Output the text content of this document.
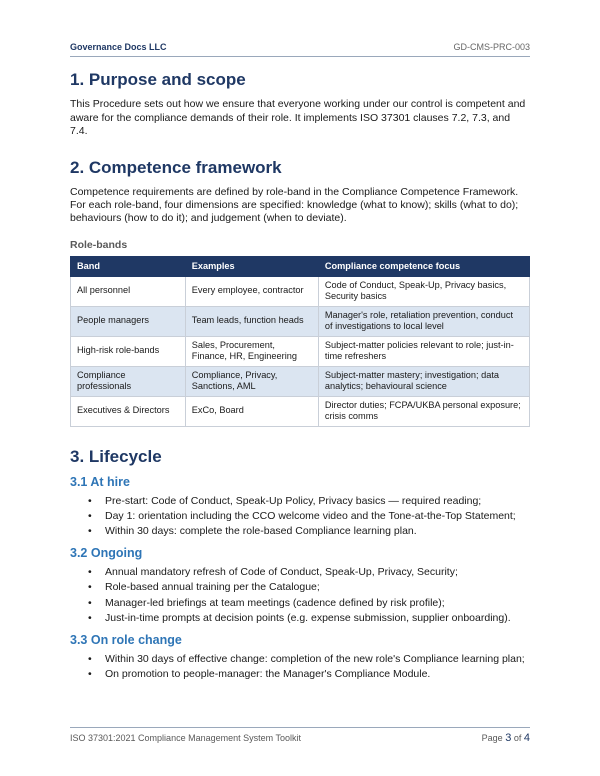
Governance Docs LLC	GD-CMS-PRC-003
1. Purpose and scope

This Procedure sets out how we ensure that everyone working under our control is competent and aware for the compliance demands of their role. It implements ISO 37301 clauses 7.2, 7.3, and 7.4.

2. Competence framework

Competence requirements are defined by role-band in the Compliance Competence Framework. For each role-band, four dimensions are specified: knowledge (what to know); skills (what to do); behaviours (how to do it); and judgement (when to deviate).

Role-bands
Band	Examples	Compliance competence focus
All personnel	Every employee, contractor	Code of Conduct, Speak-Up, Privacy basics, Security basics
People managers	Team leads, function heads	Manager's role, retaliation prevention, conduct of investigations to local level
High-risk role-bands	Sales, Procurement, Finance, HR, Engineering	Subject-matter policies relevant to role; just-in-time refreshers
Compliance professionals	Compliance, Privacy, Sanctions, AML	Subject-matter mastery; investigation; data analytics; behavioural science
Executives & Directors	ExCo, Board	Director duties; FCPA/UKBA personal exposure; crisis comms
3. Lifecycle
3.1 At hire
• Pre-start: Code of Conduct, Speak-Up Policy, Privacy basics — required reading;
• Day 1: orientation including the CCO welcome video and the Tone-at-the-Top Statement;
• Within 30 days: complete the role-based Compliance learning plan.
3.2 Ongoing
• Annual mandatory refresh of Code of Conduct, Speak-Up, Privacy, Security;
• Role-based annual training per the Catalogue;
• Manager-led briefings at team meetings (cadence defined by risk profile);
• Just-in-time prompts at decision points (e.g. expense submission, supplier onboarding).
3.3 On role change
• Within 30 days of effective change: completion of the new role's Compliance learning plan;
• On promotion to people-manager: the Manager's Compliance Module.
ISO 37301:2021 Compliance Management System Toolkit	Page 3 of 4
